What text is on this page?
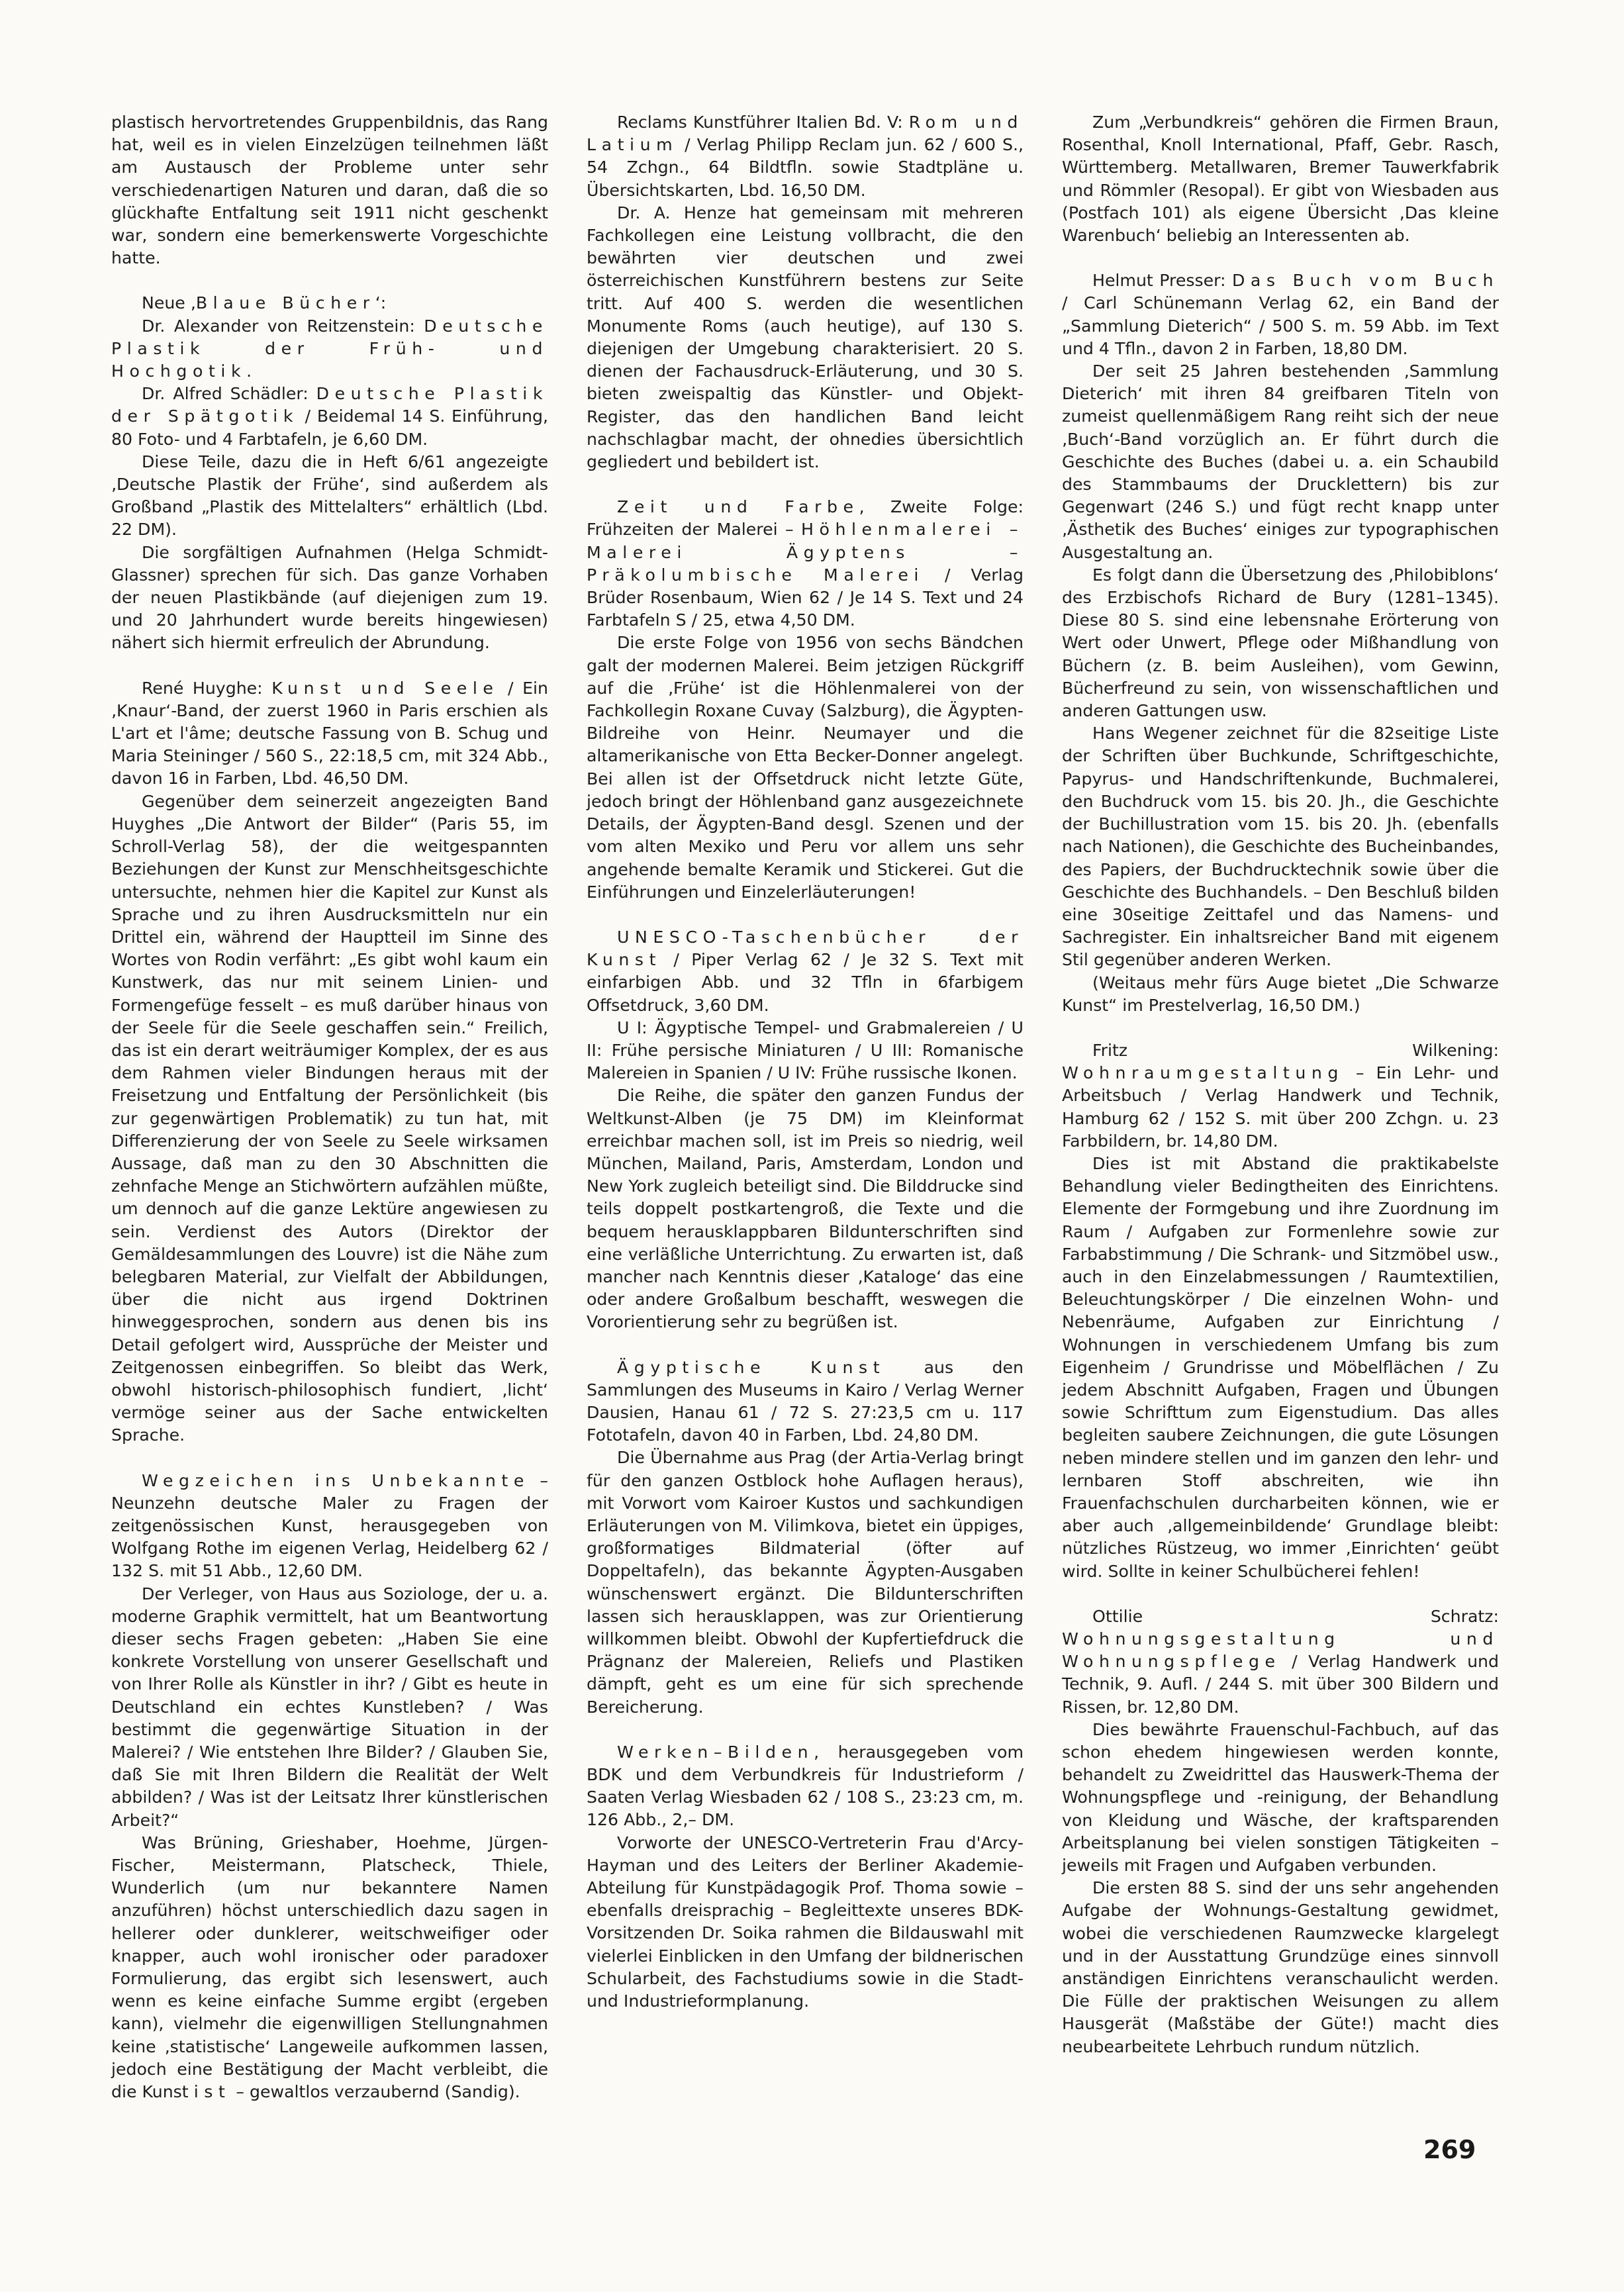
plastisch hervortretendes Gruppenbildnis, das Rang hat, weil es in vielen Einzelzügen teilnehmen läßt am Austausch der Probleme unter sehr verschiedenartigen Naturen und daran, daß die so glückhafte Entfaltung seit 1911 nicht geschenkt war, sondern eine bemerkenswerte Vorgeschichte hatte.

Neue ‚Blaue Bücher‘:

Dr. Alexander von Reitzenstein: Deutsche Plastik der Früh- und Hochgotik.

Dr. Alfred Schädler: Deutsche Plastik der Spätgotik / Beidemal 14 S. Einführung, 80 Foto- und 4 Farbtafeln, je 6,60 DM.

Diese Teile, dazu die in Heft 6/61 angezeigte ‚Deutsche Plastik der Frühe‘, sind außerdem als Großband „Plastik des Mittelalters“ erhältlich (Lbd. 22 DM).

Die sorgfältigen Aufnahmen (Helga Schmidt-Glassner) sprechen für sich. Das ganze Vorhaben der neuen Plastikbände (auf diejenigen zum 19. und 20 Jahrhundert wurde bereits hingewiesen) nähert sich hiermit erfreulich der Abrundung.

René Huyghe: Kunst und Seele / Ein ‚Knaur‘-Band, der zuerst 1960 in Paris erschien als L'art et l'âme; deutsche Fassung von B. Schug und Maria Steininger / 560 S., 22:18,5 cm, mit 324 Abb., davon 16 in Farben, Lbd. 46,50 DM.

Gegenüber dem seinerzeit angezeigten Band Huyghes „Die Antwort der Bilder“ (Paris 55, im Schroll-Verlag 58), der die weitgespannten Beziehungen der Kunst zur Menschheitsgeschichte untersuchte, nehmen hier die Kapitel zur Kunst als Sprache und zu ihren Ausdrucksmitteln nur ein Drittel ein, während der Hauptteil im Sinne des Wortes von Rodin verfährt: „Es gibt wohl kaum ein Kunstwerk, das nur mit seinem Linien- und Formengefüge fesselt – es muß darüber hinaus von der Seele für die Seele geschaffen sein.“ Freilich, das ist ein derart weiträumiger Komplex, der es aus dem Rahmen vieler Bindungen heraus mit der Freisetzung und Entfaltung der Persönlichkeit (bis zur gegenwärtigen Problematik) zu tun hat, mit Differenzierung der von Seele zu Seele wirksamen Aussage, daß man zu den 30 Abschnitten die zehnfache Menge an Stichwörtern aufzählen müßte, um dennoch auf die ganze Lektüre angewiesen zu sein. Verdienst des Autors (Direktor der Gemäldesammlungen des Louvre) ist die Nähe zum belegbaren Material, zur Vielfalt der Abbildungen, über die nicht aus irgend Doktrinen hinweggesprochen, sondern aus denen bis ins Detail gefolgert wird, Aussprüche der Meister und Zeitgenossen einbegriffen. So bleibt das Werk, obwohl historisch-philosophisch fundiert, ‚licht‘ vermöge seiner aus der Sache entwickelten Sprache.

Wegzeichen ins Unbekannte – Neunzehn deutsche Maler zu Fragen der zeitgenössischen Kunst, herausgegeben von Wolfgang Rothe im eigenen Verlag, Heidelberg 62 / 132 S. mit 51 Abb., 12,60 DM.

Der Verleger, von Haus aus Soziologe, der u. a. moderne Graphik vermittelt, hat um Beantwortung dieser sechs Fragen gebeten: „Haben Sie eine konkrete Vorstellung von unserer Gesellschaft und von Ihrer Rolle als Künstler in ihr? / Gibt es heute in Deutschland ein echtes Kunstleben? / Was bestimmt die gegenwärtige Situation in der Malerei? / Wie entstehen Ihre Bilder? / Glauben Sie, daß Sie mit Ihren Bildern die Realität der Welt abbilden? / Was ist der Leitsatz Ihrer künstlerischen Arbeit?“

Was Brüning, Grieshaber, Hoehme, Jürgen-Fischer, Meistermann, Platscheck, Thiele, Wunderlich (um nur bekanntere Namen anzuführen) höchst unterschiedlich dazu sagen in hellerer oder dunklerer, weitschweifiger oder knapper, auch wohl ironischer oder paradoxer Formulierung, das ergibt sich lesenswert, auch wenn es keine einfache Summe ergibt (ergeben kann), vielmehr die eigenwilligen Stellungnahmen keine ‚statistische‘ Langeweile aufkommen lassen, jedoch eine Bestätigung der Macht verbleibt, die die Kunst ist – gewaltlos verzaubernd (Sandig).

Reclams Kunstführer Italien Bd. V: Rom und Latium / Verlag Philipp Reclam jun. 62 / 600 S., 54 Zchgn., 64 Bildtfln. sowie Stadtpläne u. Übersichtskarten, Lbd. 16,50 DM.

Dr. A. Henze hat gemeinsam mit mehreren Fachkollegen eine Leistung vollbracht, die den bewährten vier deutschen und zwei österreichischen Kunstführern bestens zur Seite tritt. Auf 400 S. werden die wesentlichen Monumente Roms (auch heutige), auf 130 S. diejenigen der Umgebung charakterisiert. 20 S. dienen der Fachausdruck-Erläuterung, und 30 S. bieten zweispaltig das Künstler- und Objekt-Register, das den handlichen Band leicht nachschlagbar macht, der ohnedies übersichtlich gegliedert und bebildert ist.

Zeit und Farbe, Zweite Folge: Frühzeiten der Malerei – Höhlenmalerei – Malerei Ägyptens – Präkolumbische Malerei / Verlag Brüder Rosenbaum, Wien 62 / Je 14 S. Text und 24 Farbtafeln S / 25, etwa 4,50 DM.

Die erste Folge von 1956 von sechs Bändchen galt der modernen Malerei. Beim jetzigen Rückgriff auf die ‚Frühe‘ ist die Höhlenmalerei von der Fachkollegin Roxane Cuvay (Salzburg), die Ägypten-Bildreihe von Heinr. Neumayer und die altamerikanische von Etta Becker-Donner angelegt. Bei allen ist der Offsetdruck nicht letzte Güte, jedoch bringt der Höhlenband ganz ausgezeichnete Details, der Ägypten-Band desgl. Szenen und der vom alten Mexiko und Peru vor allem uns sehr angehende bemalte Keramik und Stickerei. Gut die Einführungen und Einzelerläuterungen!

UNESCO-Taschenbücher der Kunst / Piper Verlag 62 / Je 32 S. Text mit einfarbigen Abb. und 32 Tfln in 6farbigem Offsetdruck, 3,60 DM.

U I: Ägyptische Tempel- und Grabmalereien / U II: Frühe persische Miniaturen / U III: Romanische Malereien in Spanien / U IV: Frühe russische Ikonen.

Die Reihe, die später den ganzen Fundus der Weltkunst-Alben (je 75 DM) im Kleinformat erreichbar machen soll, ist im Preis so niedrig, weil München, Mailand, Paris, Amsterdam, London und New York zugleich beteiligt sind. Die Bilddrucke sind teils doppelt postkartengroß, die Texte und die bequem herausklappbaren Bildunterschriften sind eine verläßliche Unterrichtung. Zu erwarten ist, daß mancher nach Kenntnis dieser ‚Kataloge‘ das eine oder andere Großalbum beschafft, weswegen die Vororientierung sehr zu begrüßen ist.

Ägyptische Kunst aus den Sammlungen des Museums in Kairo / Verlag Werner Dausien, Hanau 61 / 72 S. 27:23,5 cm u. 117 Fototafeln, davon 40 in Farben, Lbd. 24,80 DM.

Die Übernahme aus Prag (der Artia-Verlag bringt für den ganzen Ostblock hohe Auflagen heraus), mit Vorwort vom Kairoer Kustos und sachkundigen Erläuterungen von M. Vilimkova, bietet ein üppiges, großformatiges Bildmaterial (öfter auf Doppeltafeln), das bekannte Ägypten-Ausgaben wünschenswert ergänzt. Die Bildunterschriften lassen sich herausklappen, was zur Orientierung willkommen bleibt. Obwohl der Kupfertiefdruck die Prägnanz der Malereien, Reliefs und Plastiken dämpft, geht es um eine für sich sprechende Bereicherung.

Werken–Bilden, herausgegeben vom BDK und dem Verbundkreis für Industrieform / Saaten Verlag Wiesbaden 62 / 108 S., 23:23 cm, m. 126 Abb., 2,– DM.

Vorworte der UNESCO-Vertreterin Frau d'Arcy-Hayman und des Leiters der Berliner Akademie-Abteilung für Kunstpädagogik Prof. Thoma sowie – ebenfalls dreisprachig – Begleittexte unseres BDK-Vorsitzenden Dr. Soika rahmen die Bildauswahl mit vielerlei Einblicken in den Umfang der bildnerischen Schularbeit, des Fachstudiums sowie in die Stadt- und Industrieformplanung.

Zum „Verbundkreis“ gehören die Firmen Braun, Rosenthal, Knoll International, Pfaff, Gebr. Rasch, Württemberg. Metallwaren, Bremer Tauwerkfabrik und Römmler (Resopal). Er gibt von Wiesbaden aus (Postfach 101) als eigene Übersicht ‚Das kleine Warenbuch‘ beliebig an Interessenten ab.

Helmut Presser: Das Buch vom Buch / Carl Schünemann Verlag 62, ein Band der „Sammlung Dieterich“ / 500 S. m. 59 Abb. im Text und 4 Tfln., davon 2 in Farben, 18,80 DM.

Der seit 25 Jahren bestehenden ‚Sammlung Dieterich‘ mit ihren 84 greifbaren Titeln von zumeist quellenmäßigem Rang reiht sich der neue ‚Buch‘-Band vorzüglich an. Er führt durch die Geschichte des Buches (dabei u. a. ein Schaubild des Stammbaums der Drucklettern) bis zur Gegenwart (246 S.) und fügt recht knapp unter ‚Ästhetik des Buches‘ einiges zur typographischen Ausgestaltung an.

Es folgt dann die Übersetzung des ‚Philobiblons‘ des Erzbischofs Richard de Bury (1281–1345). Diese 80 S. sind eine lebensnahe Erörterung von Wert oder Unwert, Pflege oder Mißhandlung von Büchern (z. B. beim Ausleihen), vom Gewinn, Bücherfreund zu sein, von wissenschaftlichen und anderen Gattungen usw.

Hans Wegener zeichnet für die 82seitige Liste der Schriften über Buchkunde, Schriftgeschichte, Papyrus- und Handschriftenkunde, Buchmalerei, den Buchdruck vom 15. bis 20. Jh., die Geschichte der Buchillustration vom 15. bis 20. Jh. (ebenfalls nach Nationen), die Geschichte des Bucheinbandes, des Papiers, der Buchdrucktechnik sowie über die Geschichte des Buchhandels. – Den Beschluß bilden eine 30seitige Zeittafel und das Namens- und Sachregister. Ein inhaltsreicher Band mit eigenem Stil gegenüber anderen Werken.

(Weitaus mehr fürs Auge bietet „Die Schwarze Kunst“ im Prestelverlag, 16,50 DM.)

Fritz Wilkening: Wohnraumgestaltung – Ein Lehr- und Arbeitsbuch / Verlag Handwerk und Technik, Hamburg 62 / 152 S. mit über 200 Zchgn. u. 23 Farbbildern, br. 14,80 DM.

Dies ist mit Abstand die praktikabelste Behandlung vieler Bedingtheiten des Einrichtens. Elemente der Formgebung und ihre Zuordnung im Raum / Aufgaben zur Formenlehre sowie zur Farbabstimmung / Die Schrank- und Sitzmöbel usw., auch in den Einzelabmessungen / Raumtextilien, Beleuchtungskörper / Die einzelnen Wohn- und Nebenräume, Aufgaben zur Einrichtung / Wohnungen in verschiedenem Umfang bis zum Eigenheim / Grundrisse und Möbelflächen / Zu jedem Abschnitt Aufgaben, Fragen und Übungen sowie Schrifttum zum Eigenstudium. Das alles begleiten saubere Zeichnungen, die gute Lösungen neben mindere stellen und im ganzen den lehr- und lernbaren Stoff abschreiten, wie ihn Frauenfachschulen durcharbeiten können, wie er aber auch ‚allgemeinbildende‘ Grundlage bleibt: nützliches Rüstzeug, wo immer ‚Einrichten‘ geübt wird. Sollte in keiner Schulbücherei fehlen!

Ottilie Schratz: Wohnungsgestaltung und Wohnungspflege / Verlag Handwerk und Technik, 9. Aufl. / 244 S. mit über 300 Bildern und Rissen, br. 12,80 DM.

Dies bewährte Frauenschul-Fachbuch, auf das schon ehedem hingewiesen werden konnte, behandelt zu Zweidrittel das Hauswerk-Thema der Wohnungspflege und -reinigung, der Behandlung von Kleidung und Wäsche, der kraftsparenden Arbeitsplanung bei vielen sonstigen Tätigkeiten – jeweils mit Fragen und Aufgaben verbunden.

Die ersten 88 S. sind der uns sehr angehenden Aufgabe der Wohnungs-Gestaltung gewidmet, wobei die verschiedenen Raumzwecke klargelegt und in der Ausstattung Grundzüge eines sinnvoll anständigen Einrichtens veranschaulicht werden. Die Fülle der praktischen Weisungen zu allem Hausgerät (Maßstäbe der Güte!) macht dies neubearbeitete Lehrbuch rundum nützlich.

269
